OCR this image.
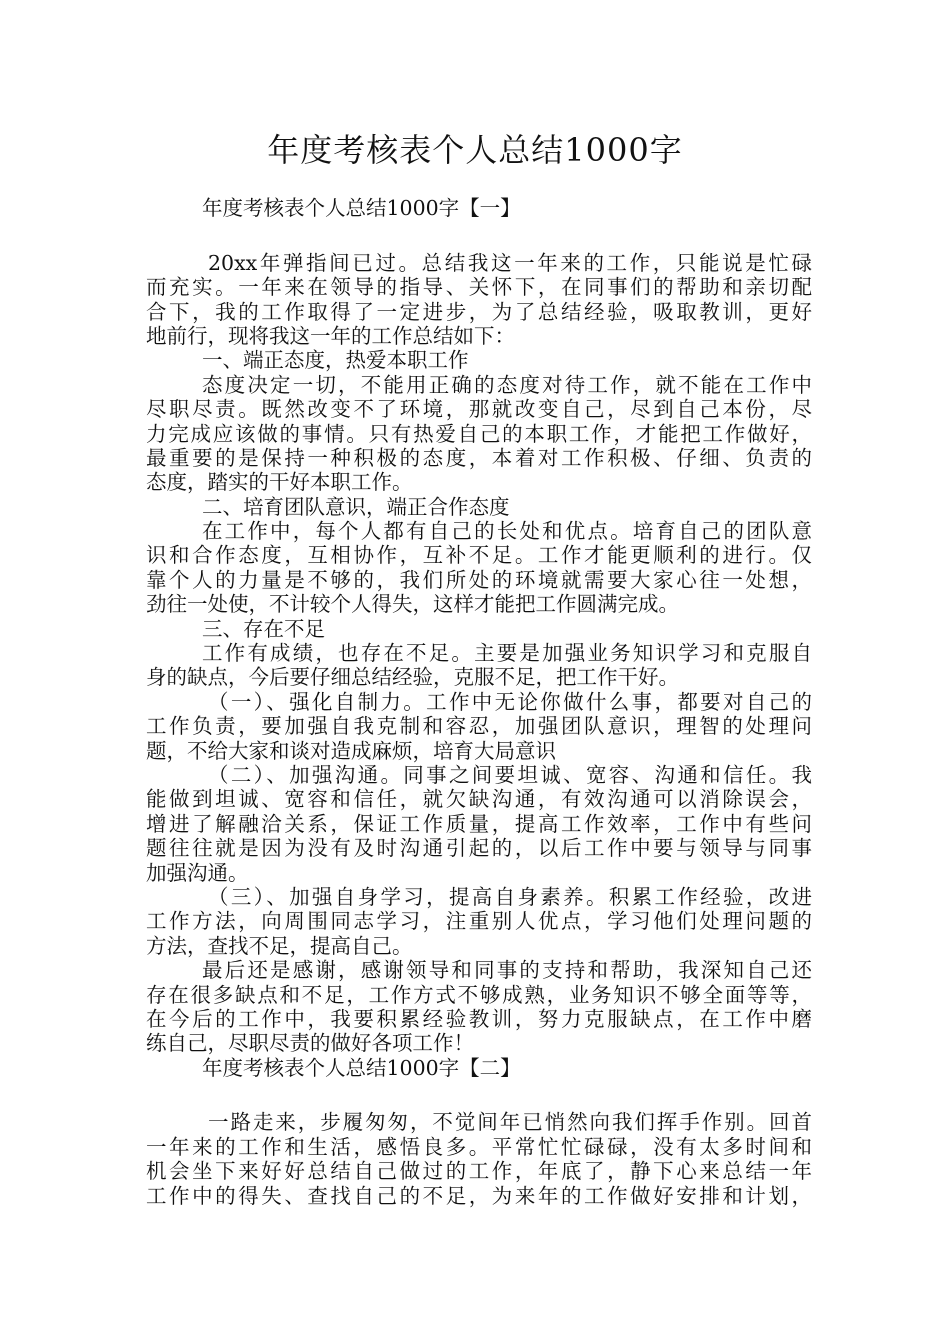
年度考核表个人总结1000字
年度考核表个人总结1000字【一】
20xx年弹指间已过。总结我这一年来的工作，只能说是忙碌
而充实。一年来在领导的指导、关怀下，在同事们的帮助和亲切配
合下，我的工作取得了一定进步，为了总结经验，吸取教训，更好
地前行，现将我这一年的工作总结如下：
一、端正态度，热爱本职工作
态度决定一切，不能用正确的态度对待工作，就不能在工作中
尽职尽责。既然改变不了环境，那就改变自己，尽到自己本份，尽
力完成应该做的事情。只有热爱自己的本职工作，才能把工作做好，
最重要的是保持一种积极的态度，本着对工作积极、仔细、负责的
态度，踏实的干好本职工作。
二、培育团队意识，端正合作态度
在工作中，每个人都有自己的长处和优点。培育自己的团队意
识和合作态度，互相协作，互补不足。工作才能更顺利的进行。仅
靠个人的力量是不够的，我们所处的环境就需要大家心往一处想，
劲往一处使，不计较个人得失，这样才能把工作圆满完成。
三、存在不足
工作有成绩，也存在不足。主要是加强业务知识学习和克服自
身的缺点，今后要仔细总结经验，克服不足，把工作干好。
（一）、强化自制力。工作中无论你做什么事，都要对自己的
工作负责，要加强自我克制和容忍，加强团队意识，理智的处理问
题，不给大家和谈对造成麻烦，培育大局意识
（二）、加强沟通。同事之间要坦诚、宽容、沟通和信任。我
能做到坦诚、宽容和信任，就欠缺沟通，有效沟通可以消除误会，
增进了解融洽关系，保证工作质量，提高工作效率，工作中有些问
题往往就是因为没有及时沟通引起的，以后工作中要与领导与同事
加强沟通。
（三）、加强自身学习，提高自身素养。积累工作经验，改进
工作方法，向周围同志学习，注重别人优点，学习他们处理问题的
方法，查找不足，提高自己。
最后还是感谢，感谢领导和同事的支持和帮助，我深知自己还
存在很多缺点和不足，工作方式不够成熟，业务知识不够全面等等，
在今后的工作中，我要积累经验教训，努力克服缺点，在工作中磨
练自己，尽职尽责的做好各项工作！
年度考核表个人总结1000字【二】
一路走来，步履匆匆，不觉间年已悄然向我们挥手作别。回首
一年来的工作和生活，感悟良多。平常忙忙碌碌，没有太多时间和
机会坐下来好好总结自己做过的工作，年底了，静下心来总结一年
工作中的得失、查找自己的不足，为来年的工作做好安排和计划，
